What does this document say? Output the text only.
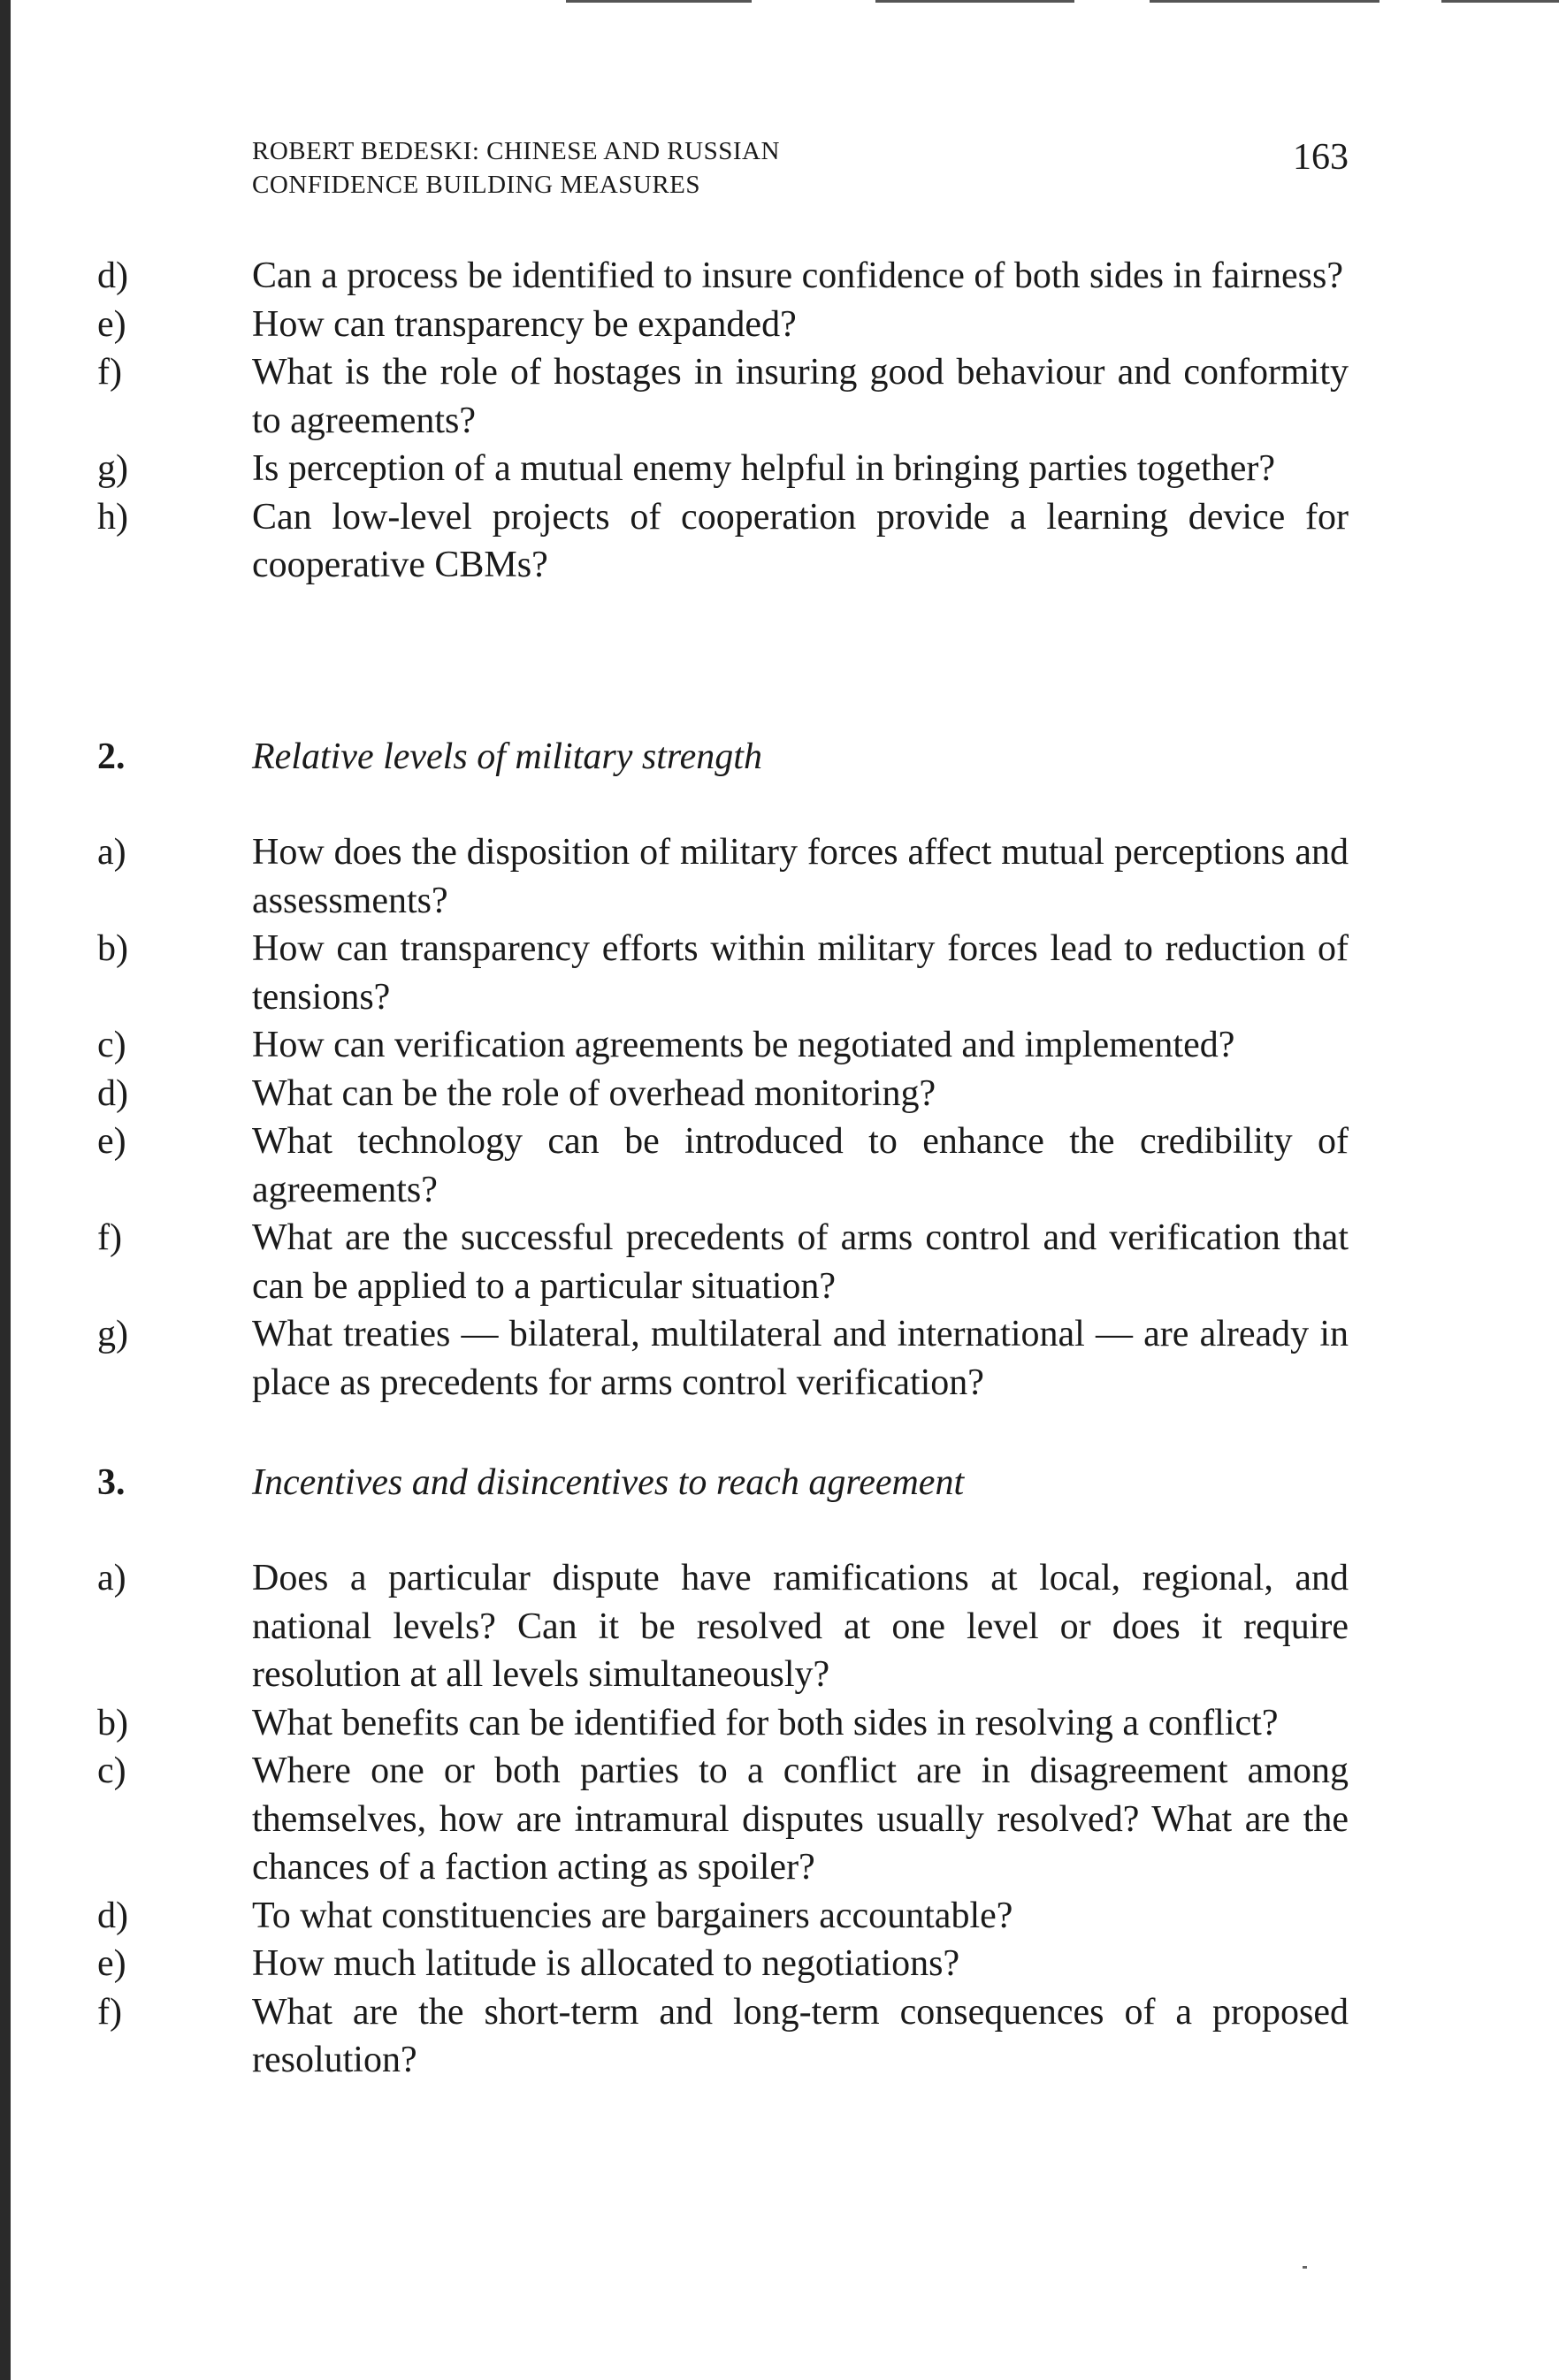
ROBERT BEDESKI: CHINESE AND RUSSIAN
CONFIDENCE BUILDING MEASURES
163
d)	Can a process be identified to insure confidence of both sides in fairness?
e)	How can transparency be expanded?
f)	What is the role of hostages in insuring good behaviour and conformity to agreements?
g)	Is perception of a mutual enemy helpful in bringing parties together?
h)	Can low-level projects of cooperation provide a learning device for cooperative CBMs?
2.	Relative levels of military strength
a)	How does the disposition of military forces affect mutual perceptions and assessments?
b)	How can transparency efforts within military forces lead to reduction of tensions?
c)	How can verification agreements be negotiated and implemented?
d)	What can be the role of overhead monitoring?
e)	What technology can be introduced to enhance the credibility of agreements?
f)	What are the successful precedents of arms control and verification that can be applied to a particular situation?
g)	What treaties — bilateral, multilateral and international — are already in place as precedents for arms control verification?
3.	Incentives and disincentives to reach agreement
a)	Does a particular dispute have ramifications at local, regional, and national levels? Can it be resolved at one level or does it require resolution at all levels simultaneously?
b)	What benefits can be identified for both sides in resolving a conflict?
c)	Where one or both parties to a conflict are in disagreement among themselves, how are intramural disputes usually resolved? What are the chances of a faction acting as spoiler?
d)	To what constituencies are bargainers accountable?
e)	How much latitude is allocated to negotiations?
f)	What are the short-term and long-term consequences of a proposed resolution?
